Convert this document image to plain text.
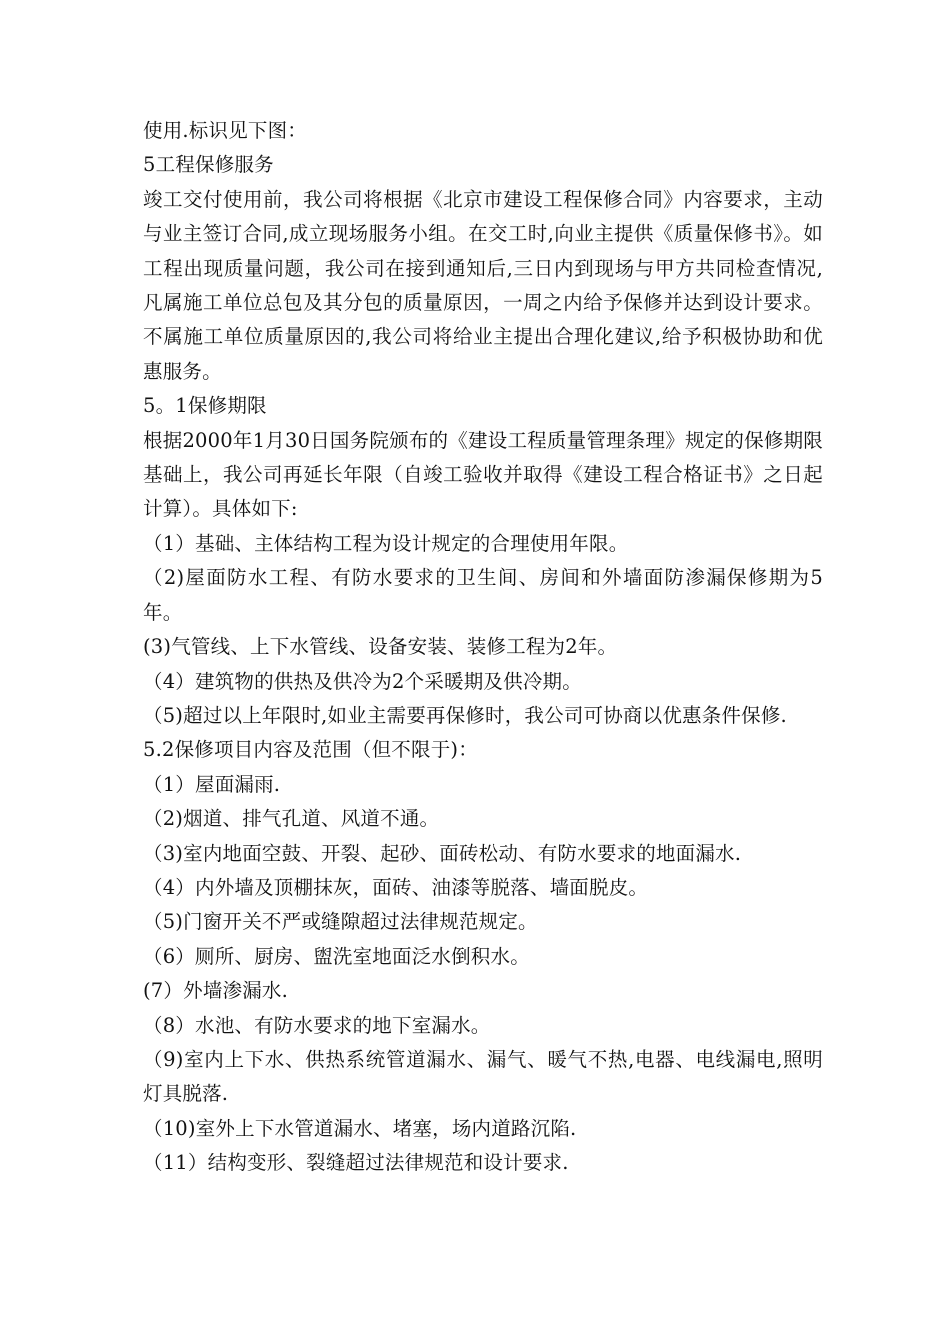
使用.标识见下图：

5工程保修服务

竣工交付使用前，我公司将根据《北京市建设工程保修合同》内容要求，主动与业主签订合同,成立现场服务小组。在交工时,向业主提供《质量保修书》。如工程出现质量问题，我公司在接到通知后,三日内到现场与甲方共同检查情况,凡属施工单位总包及其分包的质量原因，一周之内给予保修并达到设计要求。不属施工单位质量原因的,我公司将给业主提出合理化建议,给予积极协助和优惠服务。

5。1保修期限

根据2000年1月30日国务院颁布的《建设工程质量管理条理》规定的保修期限基础上，我公司再延长年限（自竣工验收并取得《建设工程合格证书》之日起计算）。具体如下:

（1）基础、主体结构工程为设计规定的合理使用年限。

（2)屋面防水工程、有防水要求的卫生间、房间和外墙面防渗漏保修期为5年。

(3)气管线、上下水管线、设备安装、装修工程为2年。

（4）建筑物的供热及供冷为2个采暖期及供冷期。

（5)超过以上年限时,如业主需要再保修时，我公司可协商以优惠条件保修.

5.2保修项目内容及范围（但不限于)：

（1）屋面漏雨.

（2)烟道、排气孔道、风道不通。

（3)室内地面空鼓、开裂、起砂、面砖松动、有防水要求的地面漏水.

（4）内外墙及顶棚抹灰，面砖、油漆等脱落、墙面脱皮。

（5)门窗开关不严或缝隙超过法律规范规定。

（6）厕所、厨房、盥洗室地面泛水倒积水。

(7）外墙渗漏水.

（8）水池、有防水要求的地下室漏水。

（9)室内上下水、供热系统管道漏水、漏气、暖气不热,电器、电线漏电,照明灯具脱落.

（10)室外上下水管道漏水、堵塞，场内道路沉陷.

（11）结构变形、裂缝超过法律规范和设计要求.
